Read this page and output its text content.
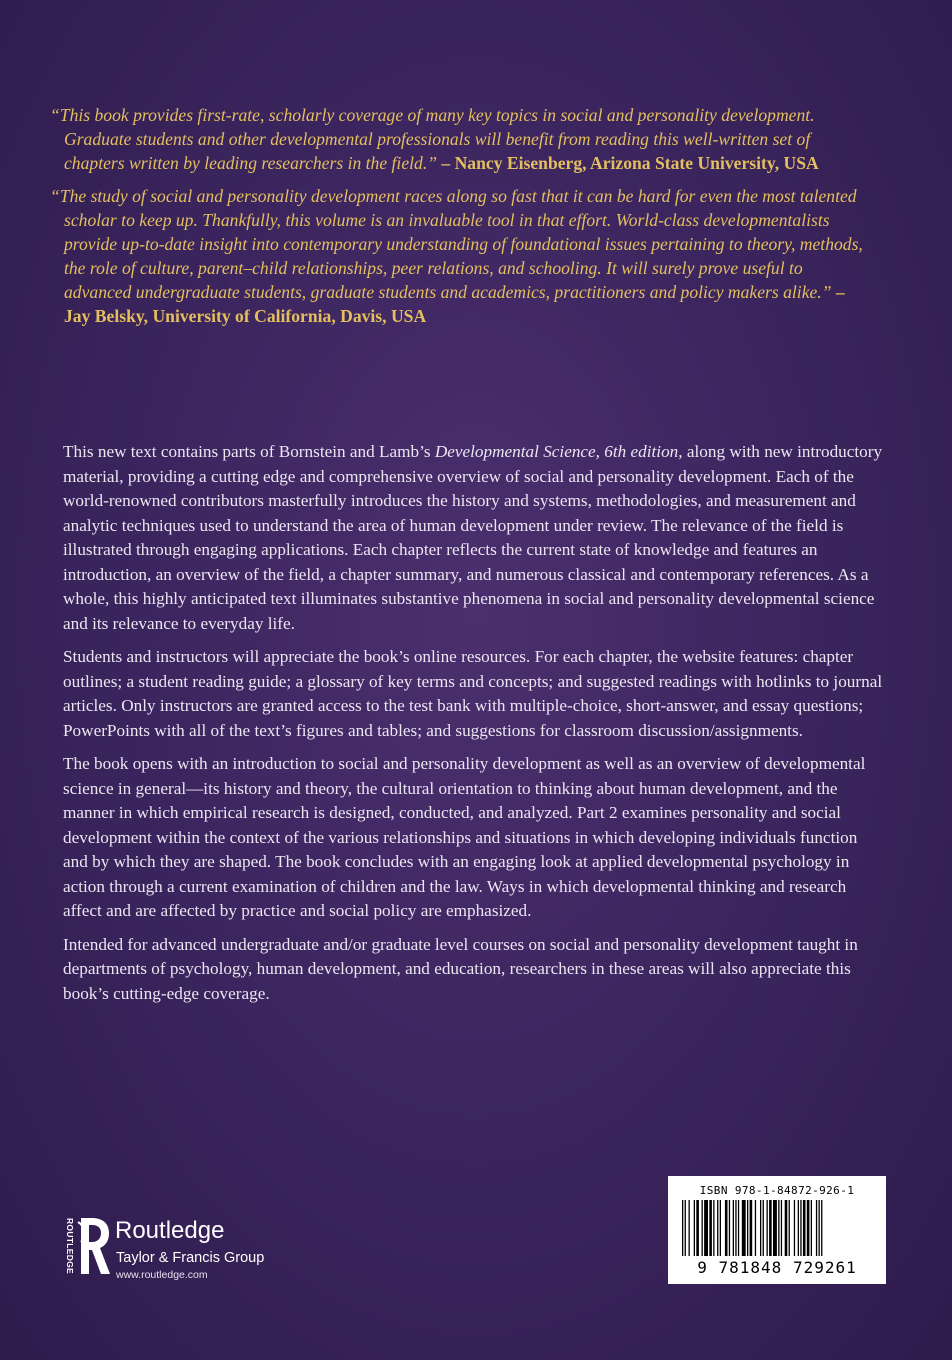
“This book provides first-rate, scholarly coverage of many key topics in social and personality development. Graduate students and other developmental professionals will benefit from reading this well-written set of chapters written by leading researchers in the field.” – Nancy Eisenberg, Arizona State University, USA

“The study of social and personality development races along so fast that it can be hard for even the most talented scholar to keep up. Thankfully, this volume is an invaluable tool in that effort. World-class developmentalists provide up-to-date insight into contemporary understanding of foundational issues pertaining to theory, methods, the role of culture, parent–child relationships, peer relations, and schooling. It will surely prove useful to advanced undergraduate students, graduate students and academics, practitioners and policy makers alike.” – Jay Belsky, University of California, Davis, USA

This new text contains parts of Bornstein and Lamb’s Developmental Science, 6th edition, along with new introductory material, providing a cutting edge and comprehensive overview of social and personality development. Each of the world-renowned contributors masterfully introduces the history and systems, methodologies, and measurement and analytic techniques used to understand the area of human development under review. The relevance of the field is illustrated through engaging applications. Each chapter reflects the current state of knowledge and features an introduction, an overview of the field, a chapter summary, and numerous classical and contemporary references. As a whole, this highly anticipated text illuminates substantive phenomena in social and personality developmental science and its relevance to everyday life.

Students and instructors will appreciate the book’s online resources. For each chapter, the website features: chapter outlines; a student reading guide; a glossary of key terms and concepts; and suggested readings with hotlinks to journal articles. Only instructors are granted access to the test bank with multiple-choice, short-answer, and essay questions; PowerPoints with all of the text’s figures and tables; and suggestions for classroom discussion/assignments.

The book opens with an introduction to social and personality development as well as an overview of developmental science in general—its history and theory, the cultural orientation to thinking about human development, and the manner in which empirical research is designed, conducted, and analyzed. Part 2 examines personality and social development within the context of the various relationships and situations in which developing individuals function and by which they are shaped. The book concludes with an engaging look at applied developmental psychology in action through a current examination of children and the law. Ways in which developmental thinking and research affect and are affected by practice and social policy are emphasized.

Intended for advanced undergraduate and/or graduate level courses on social and personality development taught in departments of psychology, human development, and education, researchers in these areas will also appreciate this book’s cutting-edge coverage.

ROUTLEDGE Routledge
Taylor & Francis Group
www.routledge.com
ISBN 978-1-84872-926-1
9 781848 729261
